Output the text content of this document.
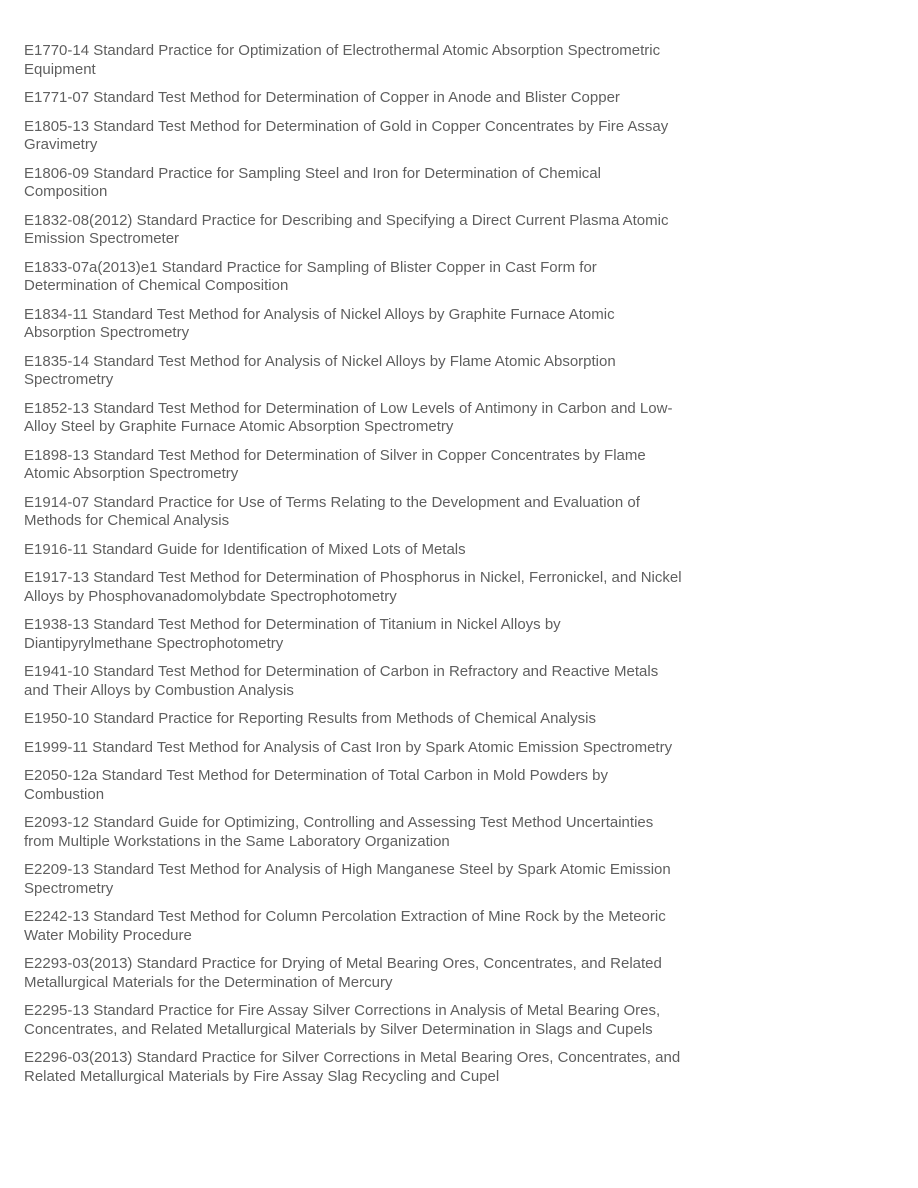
E1770-14 Standard Practice for Optimization of Electrothermal Atomic Absorption Spectrometric Equipment
E1771-07 Standard Test Method for Determination of Copper in Anode and Blister Copper
E1805-13 Standard Test Method for Determination of Gold in Copper Concentrates by Fire Assay Gravimetry
E1806-09 Standard Practice for Sampling Steel and Iron for Determination of Chemical Composition
E1832-08(2012) Standard Practice for Describing and Specifying a Direct Current Plasma Atomic Emission Spectrometer
E1833-07a(2013)e1 Standard Practice for Sampling of Blister Copper in Cast Form for Determination of Chemical Composition
E1834-11 Standard Test Method for Analysis of Nickel Alloys by Graphite Furnace Atomic Absorption Spectrometry
E1835-14 Standard Test Method for Analysis of Nickel Alloys by Flame Atomic Absorption Spectrometry
E1852-13 Standard Test Method for Determination of Low Levels of Antimony in Carbon and Low-Alloy Steel by Graphite Furnace Atomic Absorption Spectrometry
E1898-13 Standard Test Method for Determination of Silver in Copper Concentrates by Flame Atomic Absorption Spectrometry
E1914-07 Standard Practice for Use of Terms Relating to the Development and Evaluation of Methods for Chemical Analysis
E1916-11 Standard Guide for Identification of Mixed Lots of Metals
E1917-13 Standard Test Method for Determination of Phosphorus in Nickel, Ferronickel, and Nickel Alloys by Phosphovanadomolybdate Spectrophotometry
E1938-13 Standard Test Method for Determination of Titanium in Nickel Alloys by Diantipyrylmethane Spectrophotometry
E1941-10 Standard Test Method for Determination of Carbon in Refractory and Reactive Metals and Their Alloys by Combustion Analysis
E1950-10 Standard Practice for Reporting Results from Methods of Chemical Analysis
E1999-11 Standard Test Method for Analysis of Cast Iron by Spark Atomic Emission Spectrometry
E2050-12a Standard Test Method for Determination of Total Carbon in Mold Powders by Combustion
E2093-12 Standard Guide for Optimizing, Controlling and Assessing Test Method Uncertainties from Multiple Workstations in the Same Laboratory Organization
E2209-13 Standard Test Method for Analysis of High Manganese Steel by Spark Atomic Emission Spectrometry
E2242-13 Standard Test Method for Column Percolation Extraction of Mine Rock by the Meteoric Water Mobility Procedure
E2293-03(2013) Standard Practice for Drying of Metal Bearing Ores, Concentrates, and Related Metallurgical Materials for the Determination of Mercury
E2295-13 Standard Practice for Fire Assay Silver Corrections in Analysis of Metal Bearing Ores, Concentrates, and Related Metallurgical Materials by Silver Determination in Slags and Cupels
E2296-03(2013) Standard Practice for Silver Corrections in Metal Bearing Ores, Concentrates, and Related Metallurgical Materials by Fire Assay Slag Recycling and Cupel
